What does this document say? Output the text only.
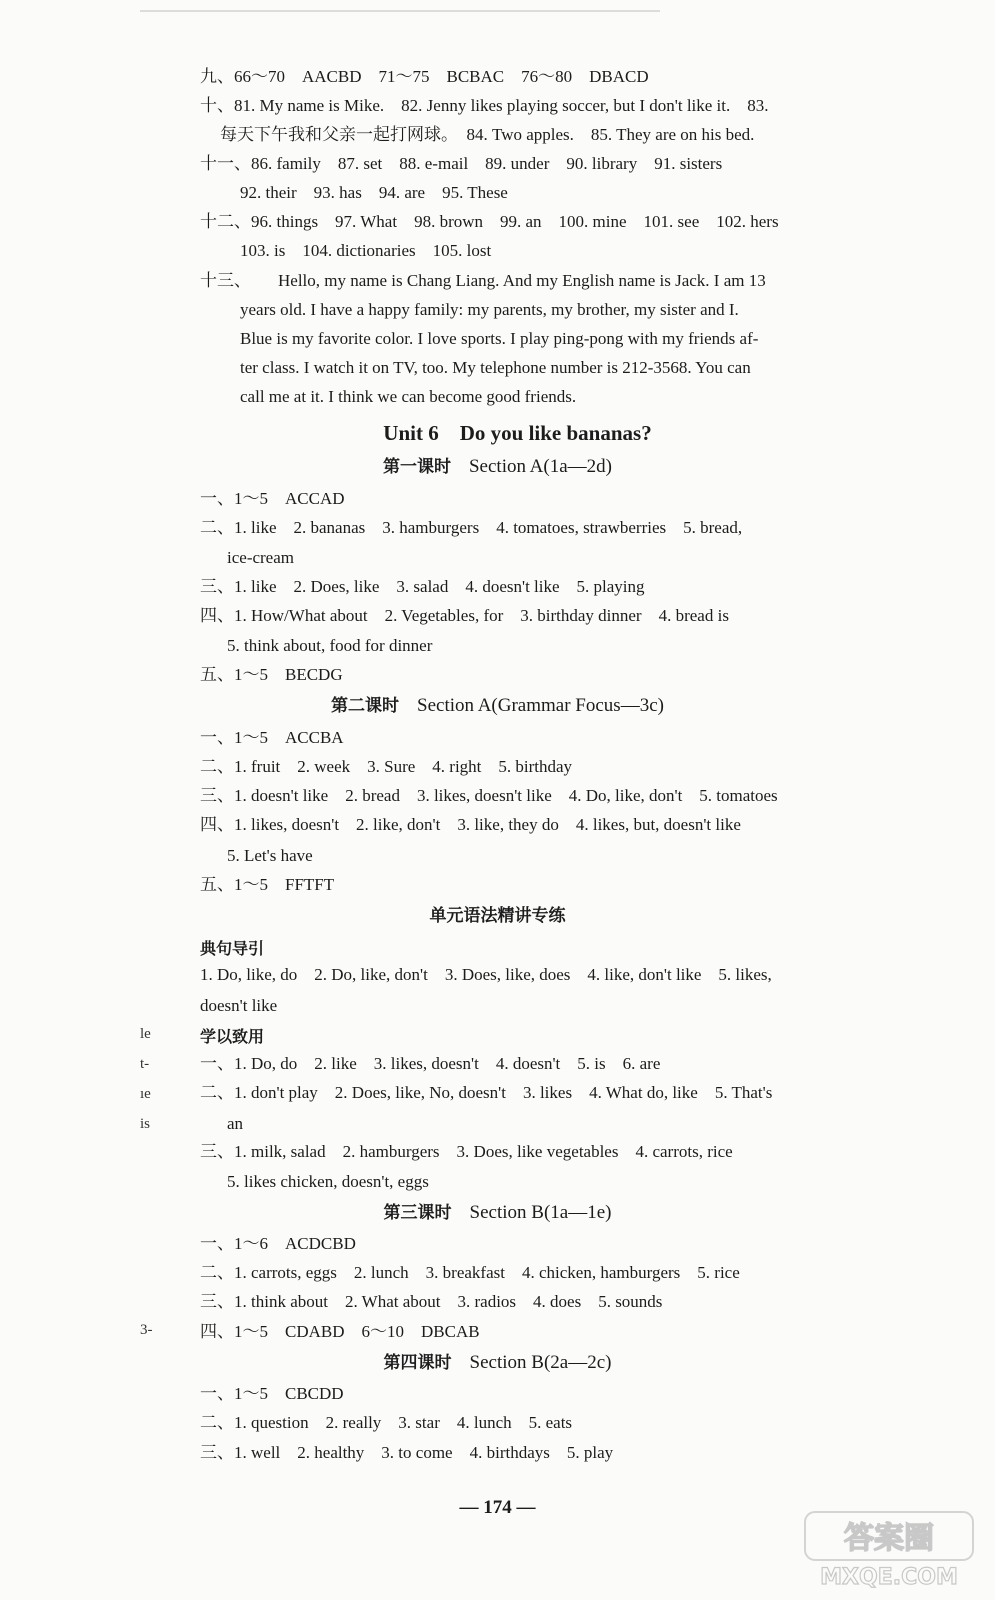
九、66～70　AACBD　71～75　BCBAC　76～80　DBACD
十、81. My name is Mike.　82. Jenny likes playing soccer, but I don't like it.　83.
每天下午我和父亲一起打网球。　84. Two apples.　85. They are on his bed.
十一、86. family　87. set　88. e-mail　89. under　90. library　91. sisters
92. their　93. has　94. are　95. These
十二、96. things　97. What　98. brown　99. an　100. mine　101. see　102. hers
103. is　104. dictionaries　105. lost
十三、 Hello, my name is Chang Liang. And my English name is Jack. I am 13
years old. I have a happy family: my parents, my brother, my sister and I.
Blue is my favorite color. I love sports. I play ping-pong with my friends af-
ter class. I watch it on TV, too. My telephone number is 212-3568. You can
call me at it. I think we can become good friends.
Unit 6　Do you like bananas?
第一课时 Section A(1a—2d)
一、1～5　ACCAD
二、1. like　2. bananas　3. hamburgers　4. tomatoes, strawberries　5. bread,
ice-cream
三、1. like　2. Does, like　3. salad　4. doesn't like　5. playing
四、1. How/What about　2. Vegetables, for　3. birthday dinner　4. bread is
5. think about, food for dinner
五、1～5　BECDG
第二课时 Section A(Grammar Focus—3c)
一、1～5　ACCBA
二、1. fruit　2. week　3. Sure　4. right　5. birthday
三、1. doesn't like　2. bread　3. likes, doesn't like　4. Do, like, don't　5. tomatoes
四、1. likes, doesn't　2. like, don't　3. like, they do　4. likes, but, doesn't like
5. Let's have
五、1～5　FFTFT
单元语法精讲专练
典句导引
1. Do, like, do　2. Do, like, don't　3. Does, like, does　4. like, don't like　5. likes,
doesn't like
学以致用
一、1. Do, do　2. like　3. likes, doesn't　4. doesn't　5. is　6. are
二、1. don't play　2. Does, like, No, doesn't　3. likes　4. What do, like　5. That's
an
三、1. milk, salad　2. hamburgers　3. Does, like vegetables　4. carrots, rice
5. likes chicken, doesn't, eggs
第三课时 Section B(1a—1e)
一、1～6　ACDCBD
二、1. carrots, eggs　2. lunch　3. breakfast　4. chicken, hamburgers　5. rice
三、1. think about　2. What about　3. radios　4. does　5. sounds
四、1～5　CDABD　6～10　DBCAB
第四课时 Section B(2a—2c)
一、1～5　CBCDD
二、1. question　2. really　3. star　4. lunch　5. eats
三、1. well　2. healthy　3. to come　4. birthdays　5. play
le
t-
ıe
is
3-
— 174 —
答案圈
MXQE.COM
